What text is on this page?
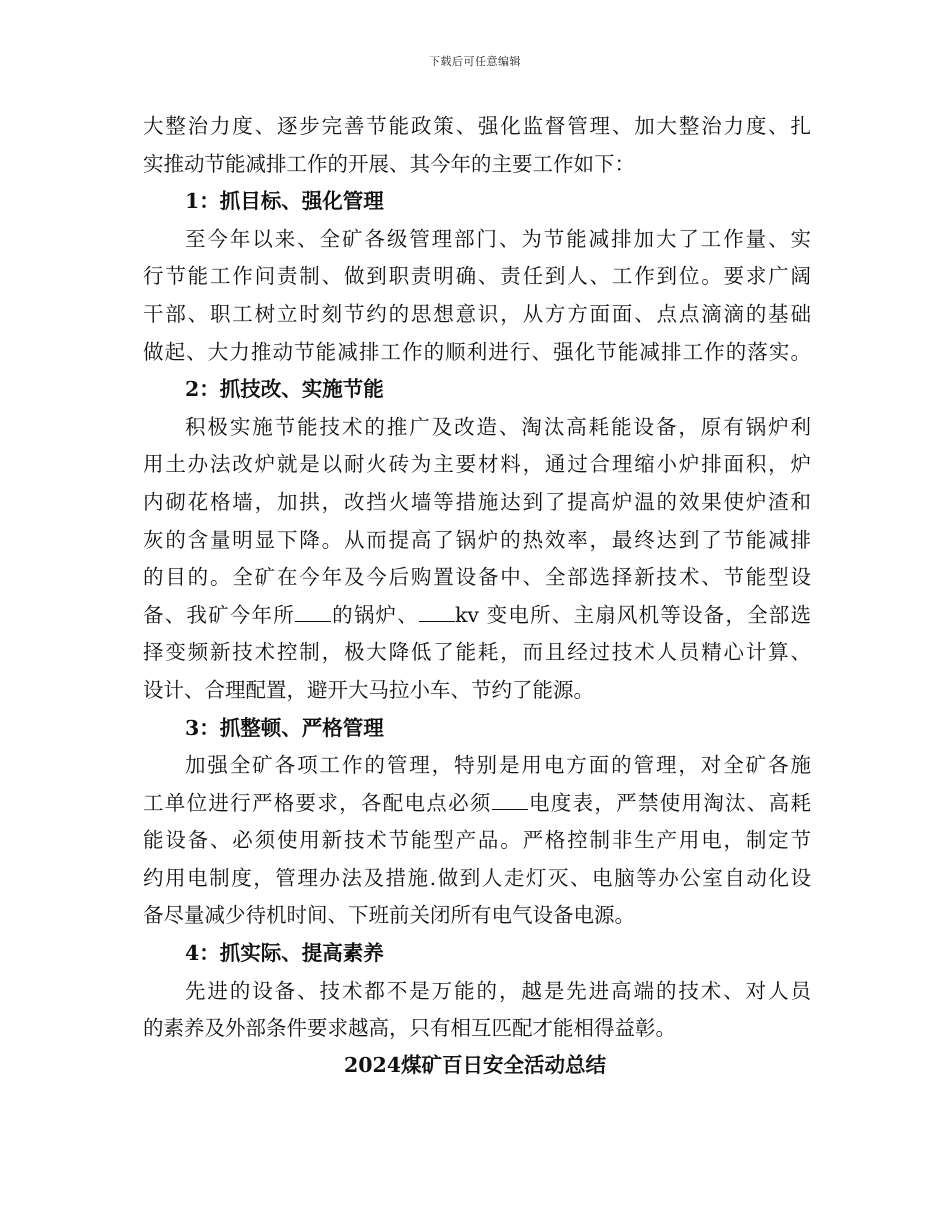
下载后可任意编辑
大整治力度、逐步完善节能政策、强化监督管理、加大整治力度、扎
实推动节能减排工作的开展、其今年的主要工作如下：
1：抓目标、强化管理
至今年以来、全矿各级管理部门、为节能减排加大了工作量、实
行节能工作问责制、做到职责明确、责任到人、工作到位。要求广阔
干部、职工树立时刻节约的思想意识，从方方面面、点点滴滴的基础
做起、大力推动节能减排工作的顺利进行、强化节能减排工作的落实。
2：抓技改、实施节能
积极实施节能技术的推广及改造、淘汰高耗能设备，原有锅炉利
用土办法改炉就是以耐火砖为主要材料，通过合理缩小炉排面积，炉
内砌花格墙，加拱，改挡火墙等措施达到了提高炉温的效果使炉渣和
灰的含量明显下降。从而提高了锅炉的热效率，最终达到了节能减排
的目的。全矿在今年及今后购置设备中、全部选择新技术、节能型设
备、我矿今年所 的锅炉、 kv 变电所、主扇风机等设备，全部选
择变频新技术控制，极大降低了能耗，而且经过技术人员精心计算、
设计、合理配置，避开大马拉小车、节约了能源。
3：抓整顿、严格管理
加强全矿各项工作的管理，特别是用电方面的管理，对全矿各施
工单位进行严格要求，各配电点必须 电度表，严禁使用淘汰、高耗
能设备、必须使用新技术节能型产品。严格控制非生产用电，制定节
约用电制度，管理办法及措施.做到人走灯灭、电脑等办公室自动化设
备尽量减少待机时间、下班前关闭所有电气设备电源。
4：抓实际、提高素养
先进的设备、技术都不是万能的，越是先进高端的技术、对人员
的素养及外部条件要求越高，只有相互匹配才能相得益彰。
2024煤矿百日安全活动总结
